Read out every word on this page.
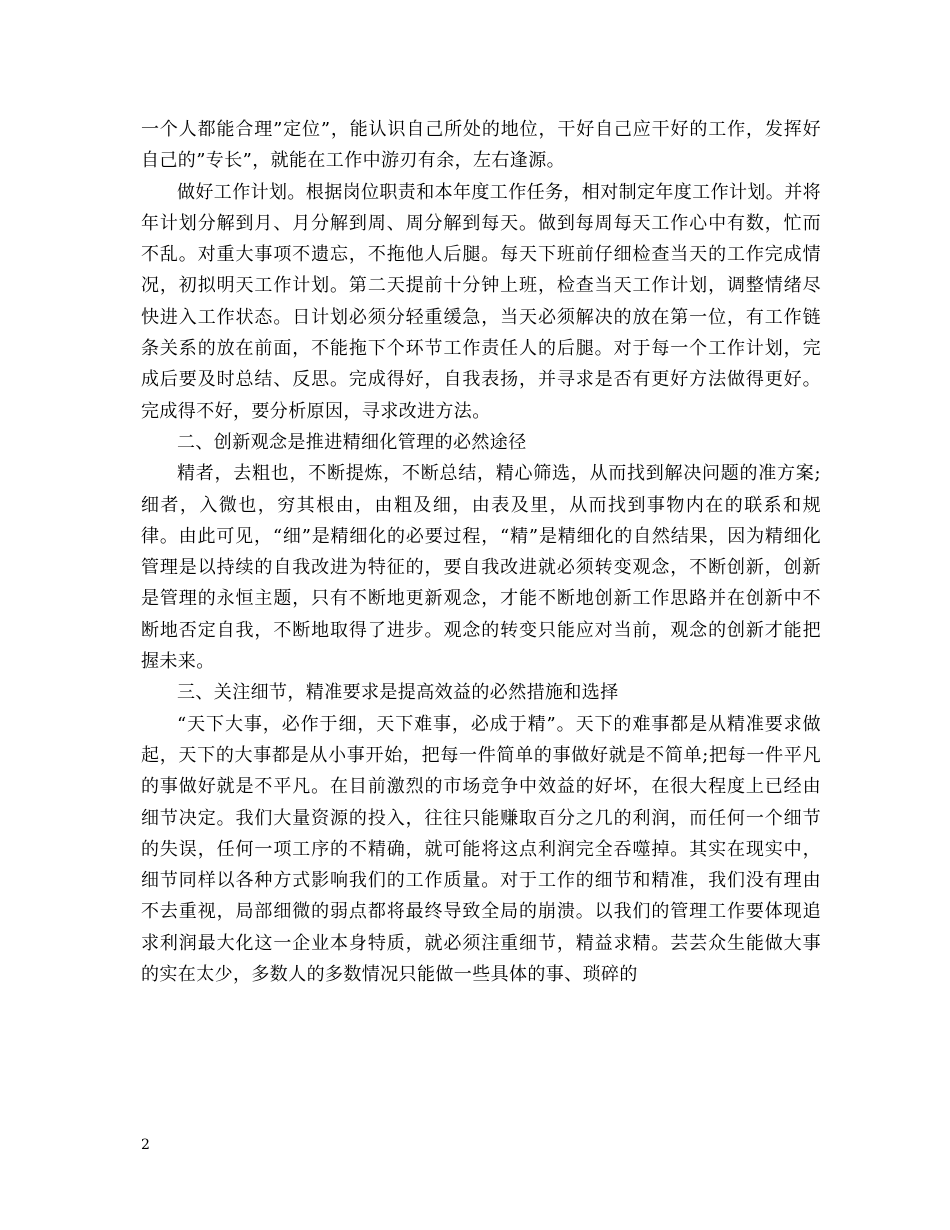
一个人都能合理”定位”，能认识自己所处的地位，干好自己应干好的工作，发挥好自己的”专长”，就能在工作中游刃有余，左右逢源。

做好工作计划。根据岗位职责和本年度工作任务，相对制定年度工作计划。并将年计划分解到月、月分解到周、周分解到每天。做到每周每天工作心中有数，忙而不乱。对重大事项不遗忘，不拖他人后腿。每天下班前仔细检查当天的工作完成情况，初拟明天工作计划。第二天提前十分钟上班，检查当天工作计划，调整情绪尽快进入工作状态。日计划必须分轻重缓急，当天必须解决的放在第一位，有工作链条关系的放在前面，不能拖下个环节工作责任人的后腿。对于每一个工作计划，完成后要及时总结、反思。完成得好，自我表扬，并寻求是否有更好方法做得更好。完成得不好，要分析原因，寻求改进方法。

二、创新观念是推进精细化管理的必然途径

精者，去粗也，不断提炼，不断总结，精心筛选，从而找到解决问题的准方案;细者，入微也，穷其根由，由粗及细，由表及里，从而找到事物内在的联系和规律。由此可见，“细”是精细化的必要过程，“精”是精细化的自然结果，因为精细化管理是以持续的自我改进为特征的，要自我改进就必须转变观念，不断创新，创新是管理的永恒主题，只有不断地更新观念，才能不断地创新工作思路并在创新中不断地否定自我，不断地取得了进步。观念的转变只能应对当前，观念的创新才能把握未来。

三、关注细节，精准要求是提高效益的必然措施和选择

“天下大事，必作于细，天下难事，必成于精”。天下的难事都是从精准要求做起，天下的大事都是从小事开始，把每一件简单的事做好就是不简单;把每一件平凡的事做好就是不平凡。在目前激烈的市场竞争中效益的好坏，在很大程度上已经由细节决定。我们大量资源的投入，往往只能赚取百分之几的利润，而任何一个细节的失误，任何一项工序的不精确，就可能将这点利润完全吞噬掉。其实在现实中，细节同样以各种方式影响我们的工作质量。对于工作的细节和精准，我们没有理由不去重视，局部细微的弱点都将最终导致全局的崩溃。以我们的管理工作要体现追求利润最大化这一企业本身特质，就必须注重细节，精益求精。芸芸众生能做大事的实在太少，多数人的多数情况只能做一些具体的事、琐碎的

2
